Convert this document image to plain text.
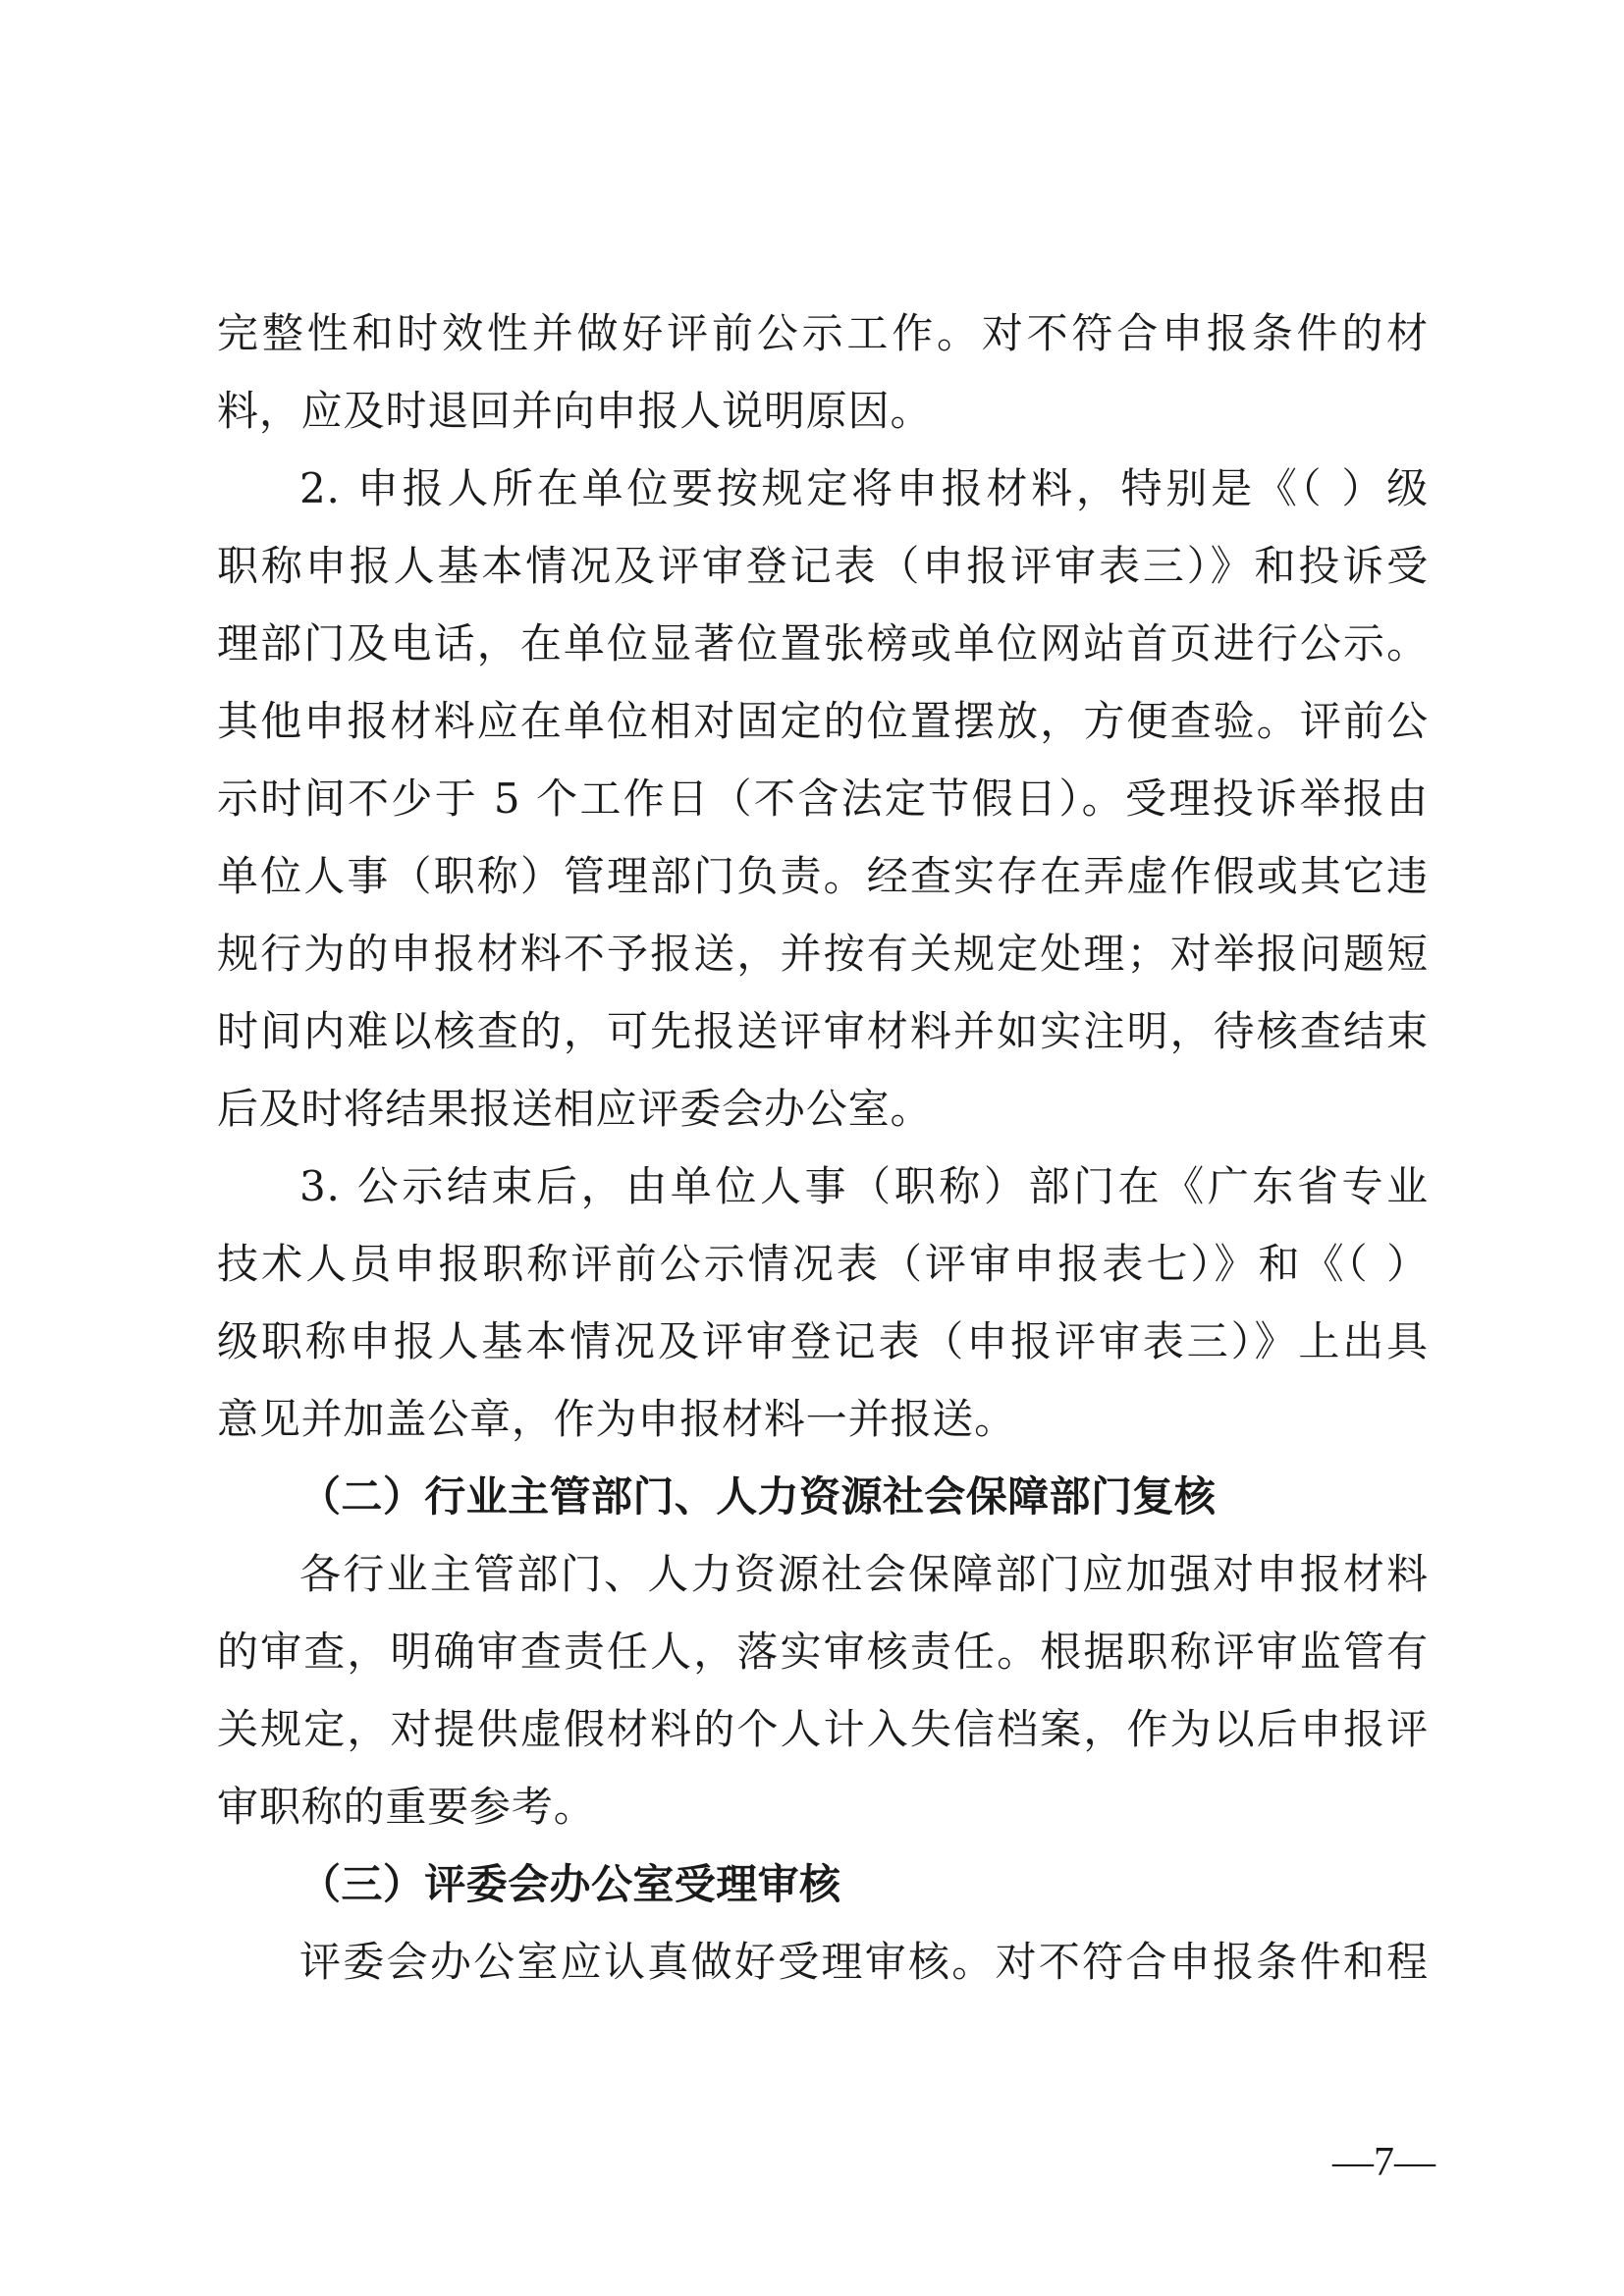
完整性和时效性并做好评前公示工作。对不符合申报条件的材
料，应及时退回并向申报人说明原因。
2. 申报人所在单位要按规定将申报材料，特别是《（ ）级
职称申报人基本情况及评审登记表（申报评审表三）》和投诉受
理部门及电话，在单位显著位置张榜或单位网站首页进行公示。
其他申报材料应在单位相对固定的位置摆放，方便查验。评前公
示时间不少于 5 个工作日（不含法定节假日）。受理投诉举报由
单位人事（职称）管理部门负责。经查实存在弄虚作假或其它违
规行为的申报材料不予报送，并按有关规定处理；对举报问题短
时间内难以核查的，可先报送评审材料并如实注明，待核查结束
后及时将结果报送相应评委会办公室。
3. 公示结束后，由单位人事（职称）部门在《广东省专业
技术人员申报职称评前公示情况表（评审申报表七）》和《（ ）
级职称申报人基本情况及评审登记表（申报评审表三）》上出具
意见并加盖公章，作为申报材料一并报送。
（二）行业主管部门、人力资源社会保障部门复核
各行业主管部门、人力资源社会保障部门应加强对申报材料
的审查，明确审查责任人，落实审核责任。根据职称评审监管有
关规定，对提供虚假材料的个人计入失信档案，作为以后申报评
审职称的重要参考。
（三）评委会办公室受理审核
评委会办公室应认真做好受理审核。对不符合申报条件和程
—7—
